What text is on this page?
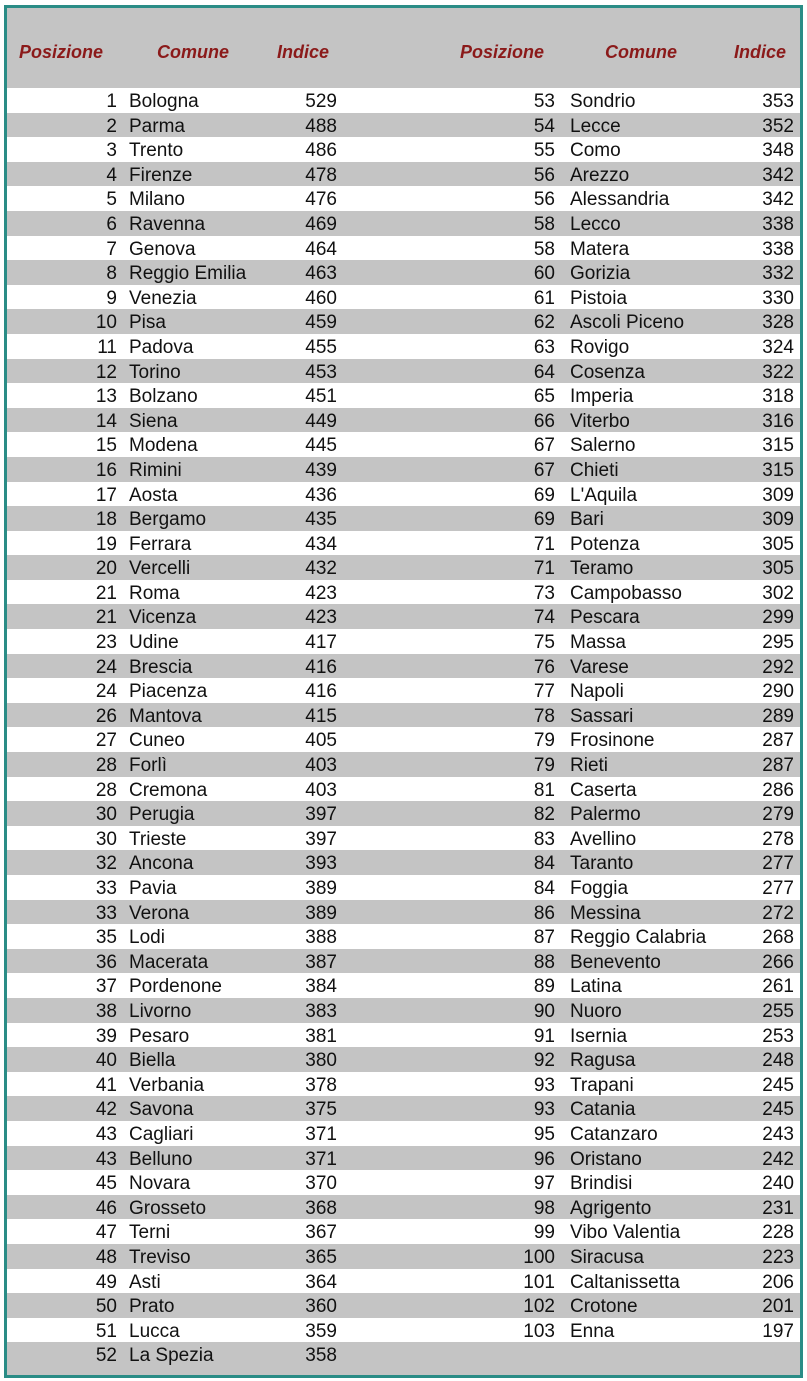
Posizione	Comune	Indice	Posizione	Comune	Indice
1 Bologna	529	53 Sondrio	353
2 Parma	488	54 Lecce	352
3 Trento	486	55 Como	348
4 Firenze	478	56 Arezzo	342
5 Milano	476	56 Alessandria	342
6 Ravenna	469	58 Lecco	338
7 Genova	464	58 Matera	338
8 Reggio Emilia	463	60 Gorizia	332
9 Venezia	460	61 Pistoia	330
10 Pisa	459	62 Ascoli Piceno	328
11 Padova	455	63 Rovigo	324
12 Torino	453	64 Cosenza	322
13 Bolzano	451	65 Imperia	318
14 Siena	449	66 Viterbo	316
15 Modena	445	67 Salerno	315
16 Rimini	439	67 Chieti	315
17 Aosta	436	69 L'Aquila	309
18 Bergamo	435	69 Bari	309
19 Ferrara	434	71 Potenza	305
20 Vercelli	432	71 Teramo	305
21 Roma	423	73 Campobasso	302
21 Vicenza	423	74 Pescara	299
23 Udine	417	75 Massa	295
24 Brescia	416	76 Varese	292
24 Piacenza	416	77 Napoli	290
26 Mantova	415	78 Sassari	289
27 Cuneo	405	79 Frosinone	287
28 Forlì	403	79 Rieti	287
28 Cremona	403	81 Caserta	286
30 Perugia	397	82 Palermo	279
30 Trieste	397	83 Avellino	278
32 Ancona	393	84 Taranto	277
33 Pavia	389	84 Foggia	277
33 Verona	389	86 Messina	272
35 Lodi	388	87 Reggio Calabria	268
36 Macerata	387	88 Benevento	266
37 Pordenone	384	89 Latina	261
38 Livorno	383	90 Nuoro	255
39 Pesaro	381	91 Isernia	253
40 Biella	380	92 Ragusa	248
41 Verbania	378	93 Trapani	245
42 Savona	375	93 Catania	245
43 Cagliari	371	95 Catanzaro	243
43 Belluno	371	96 Oristano	242
45 Novara	370	97 Brindisi	240
46 Grosseto	368	98 Agrigento	231
47 Terni	367	99 Vibo Valentia	228
48 Treviso	365	100 Siracusa	223
49 Asti	364	101 Caltanissetta	206
50 Prato	360	102 Crotone	201
51 Lucca	359	103 Enna	197
52 La Spezia	358
